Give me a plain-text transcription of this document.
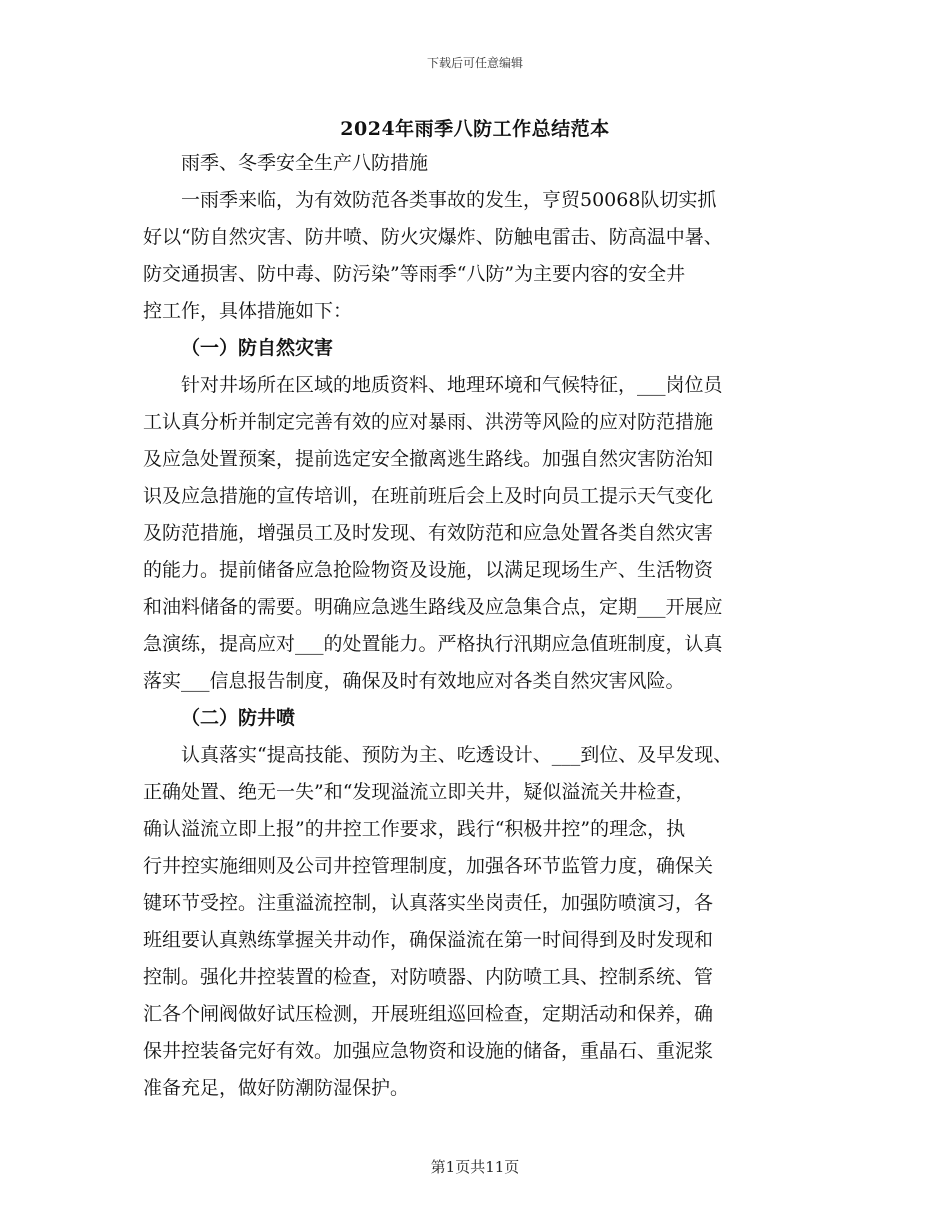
下载后可任意编辑
2024年雨季八防工作总结范本
雨季、冬季安全生产八防措施
一雨季来临，为有效防范各类事故的发生，亨贸50068队切实抓
好以“防自然灾害、防井喷、防火灾爆炸、防触电雷击、防高温中暑、
防交通损害、防中毒、防污染”等雨季“八防”为主要内容的安全井
控工作，具体措施如下：
（一）防自然灾害
针对井场所在区域的地质资料、地理环境和气候特征，___岗位员
工认真分析并制定完善有效的应对暴雨、洪涝等风险的应对防范措施
及应急处置预案，提前选定安全撤离逃生路线。加强自然灾害防治知
识及应急措施的宣传培训，在班前班后会上及时向员工提示天气变化
及防范措施，增强员工及时发现、有效防范和应急处置各类自然灾害
的能力。提前储备应急抢险物资及设施，以满足现场生产、生活物资
和油料储备的需要。明确应急逃生路线及应急集合点，定期___开展应
急演练，提高应对___的处置能力。严格执行汛期应急值班制度，认真
落实___信息报告制度，确保及时有效地应对各类自然灾害风险。
（二）防井喷
认真落实“提高技能、预防为主、吃透设计、___到位、及早发现、
正确处置、绝无一失”和“发现溢流立即关井，疑似溢流关井检查，
确认溢流立即上报”的井控工作要求，践行“积极井控”的理念，执
行井控实施细则及公司井控管理制度，加强各环节监管力度，确保关
键环节受控。注重溢流控制，认真落实坐岗责任，加强防喷演习，各
班组要认真熟练掌握关井动作，确保溢流在第一时间得到及时发现和
控制。强化井控装置的检查，对防喷器、内防喷工具、控制系统、管
汇各个闸阀做好试压检测，开展班组巡回检查，定期活动和保养，确
保井控装备完好有效。加强应急物资和设施的储备，重晶石、重泥浆
准备充足，做好防潮防湿保护。
第1页共11页
